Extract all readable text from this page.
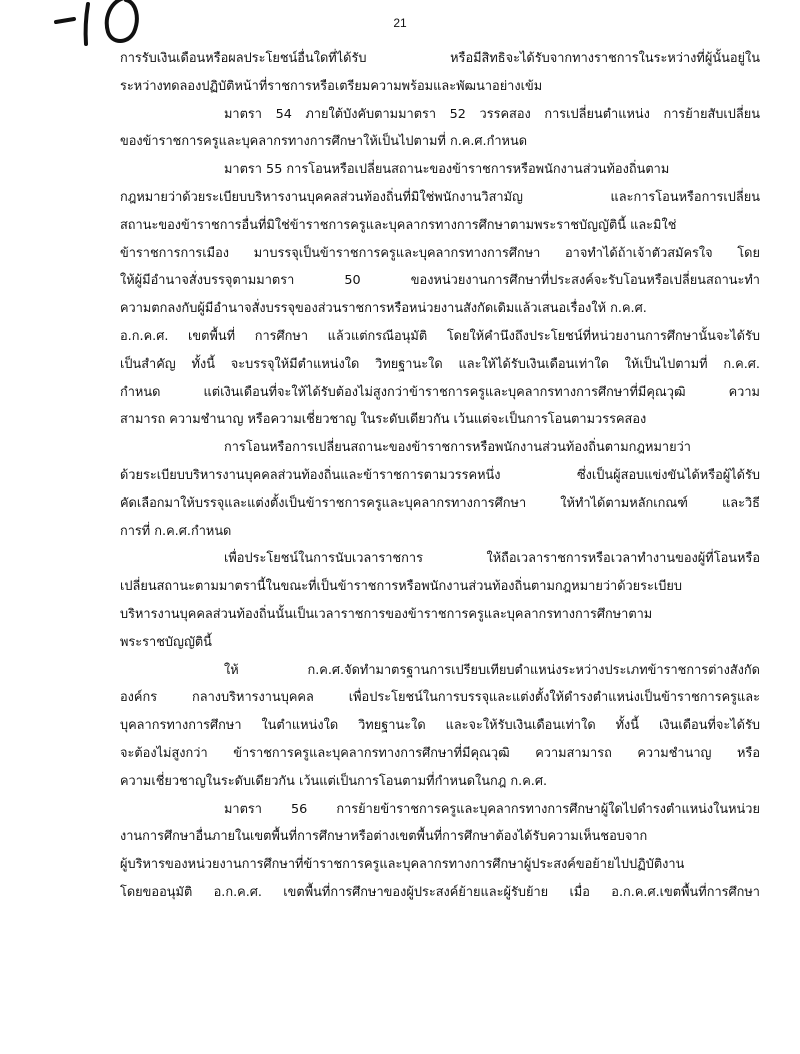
21
การรับเงินเดือนหรือผลประโยชน์อื่นใดที่ได้รับ หรือมีสิทธิจะได้รับจากทางราชการในระหว่างที่ผู้นั้นอยู่ใน
ระหว่างทดลองปฏิบัติหน้าที่ราชการหรือเตรียมความพร้อมและพัฒนาอย่างเข้ม
มาตรา 54 ภายใต้บังคับตามมาตรา 52 วรรคสอง การเปลี่ยนตำแหน่ง การย้ายสับเปลี่ยน
ของข้าราชการครูและบุคลากรทางการศึกษาให้เป็นไปตามที่ ก.ค.ศ.กำหนด
มาตรา 55 การโอนหรือเปลี่ยนสถานะของข้าราชการหรือพนักงานส่วนท้องถิ่นตาม
กฎหมายว่าด้วยระเบียบบริหารงานบุคคลส่วนท้องถิ่นที่มิใช่พนักงานวิสามัญ และการโอนหรือการเปลี่ยน
สถานะของข้าราชการอื่นที่มิใช่ข้าราชการครูและบุคลากรทางการศึกษาตามพระราชบัญญัตินี้ และมิใช่
ข้าราชการการเมือง มาบรรจุเป็นข้าราชการครูและบุคลากรทางการศึกษา อาจทำได้ถ้าเจ้าตัวสมัครใจ โดย
ให้ผู้มีอำนาจสั่งบรรจุตามมาตรา 50 ของหน่วยงานการศึกษาที่ประสงค์จะรับโอนหรือเปลี่ยนสถานะทำ
ความตกลงกับผู้มีอำนาจสั่งบรรจุของส่วนราชการหรือหน่วยงานสังกัดเดิมแล้วเสนอเรื่องให้ ก.ค.ศ.
อ.ก.ค.ศ. เขตพื้นที่ การศึกษา แล้วแต่กรณีอนุมัติ โดยให้คำนึงถึงประโยชน์ที่หน่วยงานการศึกษานั้นจะได้รับ
เป็นสำคัญ ทั้งนี้ จะบรรจุให้มีตำแหน่งใด วิทยฐานะใด และให้ได้รับเงินเดือนเท่าใด ให้เป็นไปตามที่ ก.ค.ศ.
กำหนด แต่เงินเดือนที่จะให้ได้รับต้องไม่สูงกว่าข้าราชการครูและบุคลากรทางการศึกษาที่มีคุณวุฒิ ความ
สามารถ ความชำนาญ หรือความเชี่ยวชาญ ในระดับเดียวกัน เว้นแต่จะเป็นการโอนตามวรรคสอง
การโอนหรือการเปลี่ยนสถานะของข้าราชการหรือพนักงานส่วนท้องถิ่นตามกฎหมายว่า
ด้วยระเบียบบริหารงานบุคคลส่วนท้องถิ่นและข้าราชการตามวรรคหนึ่ง ซึ่งเป็นผู้สอบแข่งขันได้หรือผู้ได้รับ
คัดเลือกมาให้บรรจุและแต่งตั้งเป็นข้าราชการครูและบุคลากรทางการศึกษา ให้ทำได้ตามหลักเกณฑ์ และวิธี
การที่ ก.ค.ศ.กำหนด
เพื่อประโยชน์ในการนับเวลาราชการ ให้ถือเวลาราชการหรือเวลาทำงานของผู้ที่โอนหรือ
เปลี่ยนสถานะตามมาตรานี้ในขณะที่เป็นข้าราชการหรือพนักงานส่วนท้องถิ่นตามกฎหมายว่าด้วยระเบียบ
บริหารงานบุคคลส่วนท้องถิ่นนั้นเป็นเวลาราชการของข้าราชการครูและบุคลากรทางการศึกษาตาม
พระราชบัญญัตินี้
ให้ ก.ค.ศ.จัดทำมาตรฐานการเปรียบเทียบตำแหน่งระหว่างประเภทข้าราชการต่างสังกัด
องค์กร กลางบริหารงานบุคคล เพื่อประโยชน์ในการบรรจุและแต่งตั้งให้ดำรงตำแหน่งเป็นข้าราชการครูและ
บุคลากรทางการศึกษา ในตำแหน่งใด วิทยฐานะใด และจะให้รับเงินเดือนเท่าใด ทั้งนี้ เงินเดือนที่จะได้รับ
จะต้องไม่สูงกว่า ข้าราชการครูและบุคลากรทางการศึกษาที่มีคุณวุฒิ ความสามารถ ความชำนาญ หรือ
ความเชี่ยวชาญในระดับเดียวกัน เว้นแต่เป็นการโอนตามที่กำหนดในกฎ ก.ค.ศ.
มาตรา 56 การย้ายข้าราชการครูและบุคลากรทางการศึกษาผู้ใดไปดำรงตำแหน่งในหน่วย
งานการศึกษาอื่นภายในเขตพื้นที่การศึกษาหรือต่างเขตพื้นที่การศึกษาต้องได้รับความเห็นชอบจาก
ผู้บริหารของหน่วยงานการศึกษาที่ข้าราชการครูและบุคลากรทางการศึกษาผู้ประสงค์ขอย้ายไปปฏิบัติงาน
โดยขออนุมัติ อ.ก.ค.ศ. เขตพื้นที่การศึกษาของผู้ประสงค์ย้ายและผู้รับย้าย เมื่อ อ.ก.ค.ศ.เขตพื้นที่การศึกษา
